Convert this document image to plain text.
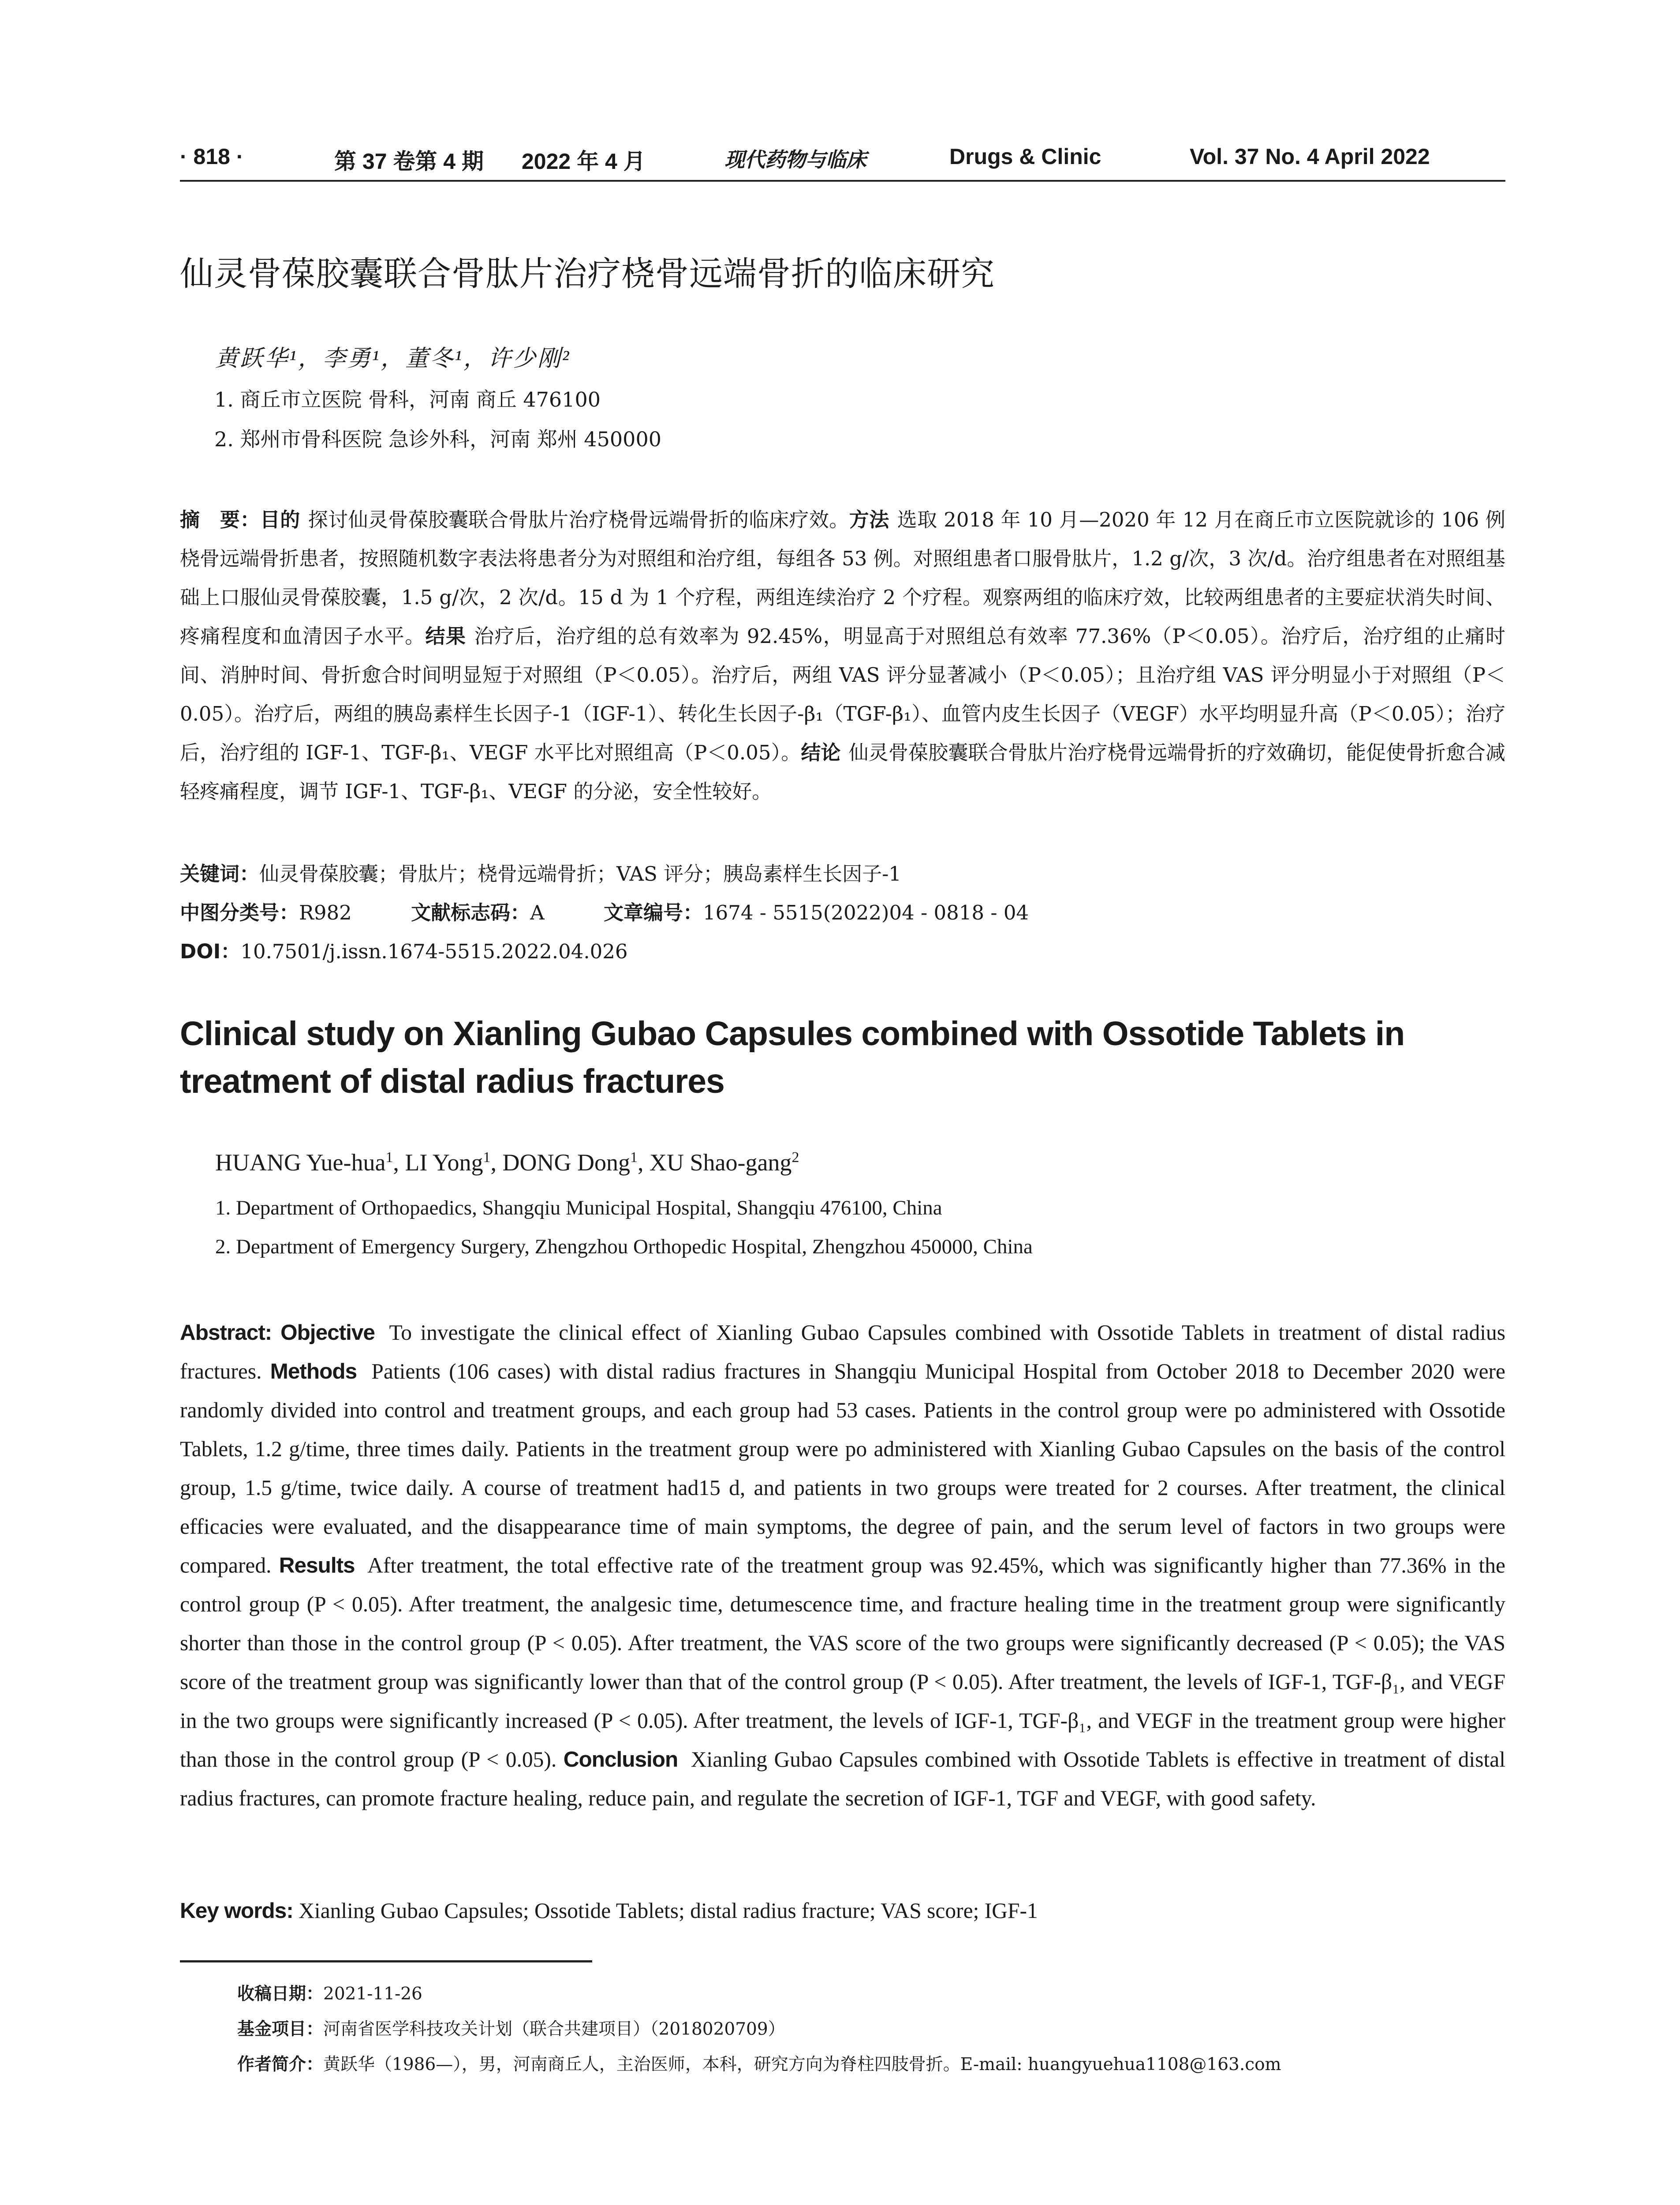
· 818 ·	第 37 卷第 4 期 2022 年 4 月	现代药物与临床	Drugs & Clinic	Vol. 37 No. 4 April 2022
仙灵骨葆胶囊联合骨肽片治疗桡骨远端骨折的临床研究
黄跃华¹，李勇¹，董冬¹，许少刚²
1. 商丘市立医院 骨科，河南 商丘 476100
2. 郑州市骨科医院 急诊外科，河南 郑州 450000
摘　要：目的 探讨仙灵骨葆胶囊联合骨肽片治疗桡骨远端骨折的临床疗效。方法 选取 2018 年 10 月—2020 年 12 月在商丘市立医院就诊的 106 例桡骨远端骨折患者，按照随机数字表法将患者分为对照组和治疗组，每组各 53 例。对照组患者口服骨肽片，1.2 g/次，3 次/d。治疗组患者在对照组基础上口服仙灵骨葆胶囊，1.5 g/次，2 次/d。15 d 为 1 个疗程，两组连续治疗 2 个疗程。观察两组的临床疗效，比较两组患者的主要症状消失时间、疼痛程度和血清因子水平。结果 治疗后，治疗组的总有效率为 92.45%，明显高于对照组总有效率 77.36%（P＜0.05）。治疗后，治疗组的止痛时间、消肿时间、骨折愈合时间明显短于对照组（P＜0.05）。治疗后，两组 VAS 评分显著减小（P＜0.05）；且治疗组 VAS 评分明显小于对照组（P＜0.05）。治疗后，两组的胰岛素样生长因子-1（IGF-1）、转化生长因子-β₁（TGF-β₁）、血管内皮生长因子（VEGF）水平均明显升高（P＜0.05）；治疗后，治疗组的 IGF-1、TGF-β₁、VEGF 水平比对照组高（P＜0.05）。结论 仙灵骨葆胶囊联合骨肽片治疗桡骨远端骨折的疗效确切，能促使骨折愈合减轻疼痛程度，调节 IGF-1、TGF-β₁、VEGF 的分泌，安全性较好。
关键词：仙灵骨葆胶囊；骨肽片；桡骨远端骨折；VAS 评分；胰岛素样生长因子-1
中图分类号：R982	文献标志码：A	文章编号：1674 - 5515(2022)04 - 0818 - 04
DOI：10.7501/j.issn.1674-5515.2022.04.026
Clinical study on Xianling Gubao Capsules combined with Ossotide Tablets in treatment of distal radius fractures
HUANG Yue-hua$^1$, LI Yong$^1$, DONG Dong$^1$, XU Shao-gang$^2$
1. Department of Orthopaedics, Shangqiu Municipal Hospital, Shangqiu 476100, China
2. Department of Emergency Surgery, Zhengzhou Orthopedic Hospital, Zhengzhou 450000, China
Abstract: Objective To investigate the clinical effect of Xianling Gubao Capsules combined with Ossotide Tablets in treatment of distal radius fractures. Methods Patients (106 cases) with distal radius fractures in Shangqiu Municipal Hospital from October 2018 to December 2020 were randomly divided into control and treatment groups, and each group had 53 cases. Patients in the control group were po administered with Ossotide Tablets, 1.2 g/time, three times daily. Patients in the treatment group were po administered with Xianling Gubao Capsules on the basis of the control group, 1.5 g/time, twice daily. A course of treatment had15 d, and patients in two groups were treated for 2 courses. After treatment, the clinical efficacies were evaluated, and the disappearance time of main symptoms, the degree of pain, and the serum level of factors in two groups were compared. Results After treatment, the total effective rate of the treatment group was 92.45%, which was significantly higher than 77.36% in the control group (P < 0.05). After treatment, the analgesic time, detumescence time, and fracture healing time in the treatment group were significantly shorter than those in the control group (P < 0.05). After treatment, the VAS score of the two groups were significantly decreased (P < 0.05); the VAS score of the treatment group was significantly lower than that of the control group (P < 0.05). After treatment, the levels of IGF-1, TGF-β₁, and VEGF in the two groups were significantly increased (P < 0.05). After treatment, the levels of IGF-1, TGF-β₁, and VEGF in the treatment group were higher than those in the control group (P < 0.05). Conclusion Xianling Gubao Capsules combined with Ossotide Tablets is effective in treatment of distal radius fractures, can promote fracture healing, reduce pain, and regulate the secretion of IGF-1, TGF and VEGF, with good safety.
Key words: Xianling Gubao Capsules; Ossotide Tablets; distal radius fracture; VAS score; IGF-1
收稿日期：2021-11-26
基金项目：河南省医学科技攻关计划（联合共建项目）（2018020709）
作者简介：黄跃华（1986—），男，河南商丘人，主治医师，本科，研究方向为脊柱四肢骨折。E-mail: huangyuehua1108@163.com
